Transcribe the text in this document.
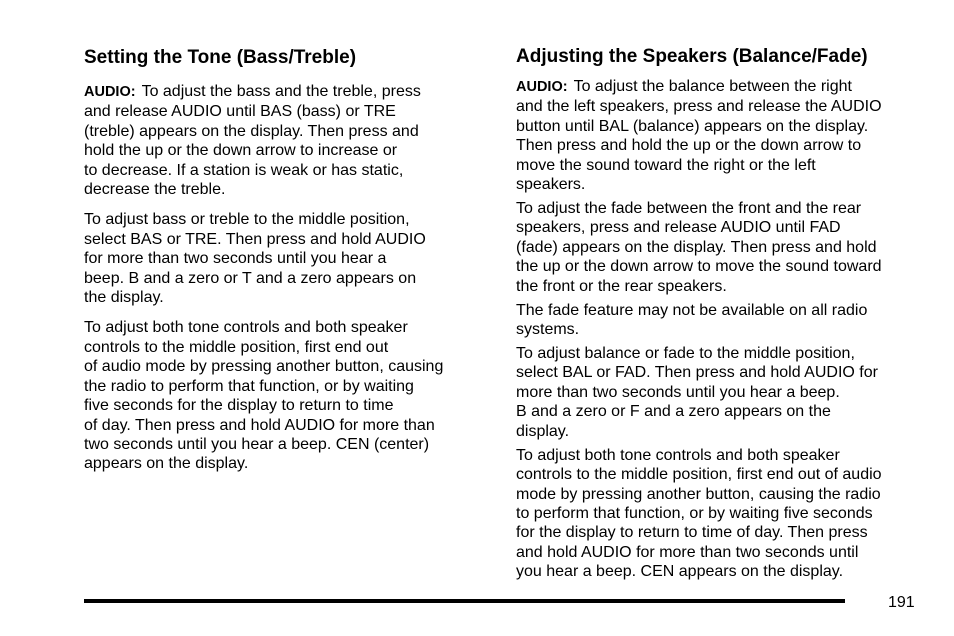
Setting the Tone (Bass/Treble)

AUDIO: To adjust the bass and the treble, press
and release AUDIO until BAS (bass) or TRE
(treble) appears on the display. Then press and
hold the up or the down arrow to increase or
to decrease. If a station is weak or has static,
decrease the treble.

To adjust bass or treble to the middle position,
select BAS or TRE. Then press and hold AUDIO
for more than two seconds until you hear a
beep. B and a zero or T and a zero appears on
the display.

To adjust both tone controls and both speaker
controls to the middle position, first end out
of audio mode by pressing another button, causing
the radio to perform that function, or by waiting
five seconds for the display to return to time
of day. Then press and hold AUDIO for more than
two seconds until you hear a beep. CEN (center)
appears on the display.

Adjusting the Speakers (Balance/Fade)

AUDIO: To adjust the balance between the right
and the left speakers, press and release the AUDIO
button until BAL (balance) appears on the display.
Then press and hold the up or the down arrow to
move the sound toward the right or the left
speakers.

To adjust the fade between the front and the rear
speakers, press and release AUDIO until FAD
(fade) appears on the display. Then press and hold
the up or the down arrow to move the sound toward
the front or the rear speakers.

The fade feature may not be available on all radio
systems.

To adjust balance or fade to the middle position,
select BAL or FAD. Then press and hold AUDIO for
more than two seconds until you hear a beep.
B and a zero or F and a zero appears on the
display.

To adjust both tone controls and both speaker
controls to the middle position, first end out of audio
mode by pressing another button, causing the radio
to perform that function, or by waiting five seconds
for the display to return to time of day. Then press
and hold AUDIO for more than two seconds until
you hear a beep. CEN appears on the display.

191
